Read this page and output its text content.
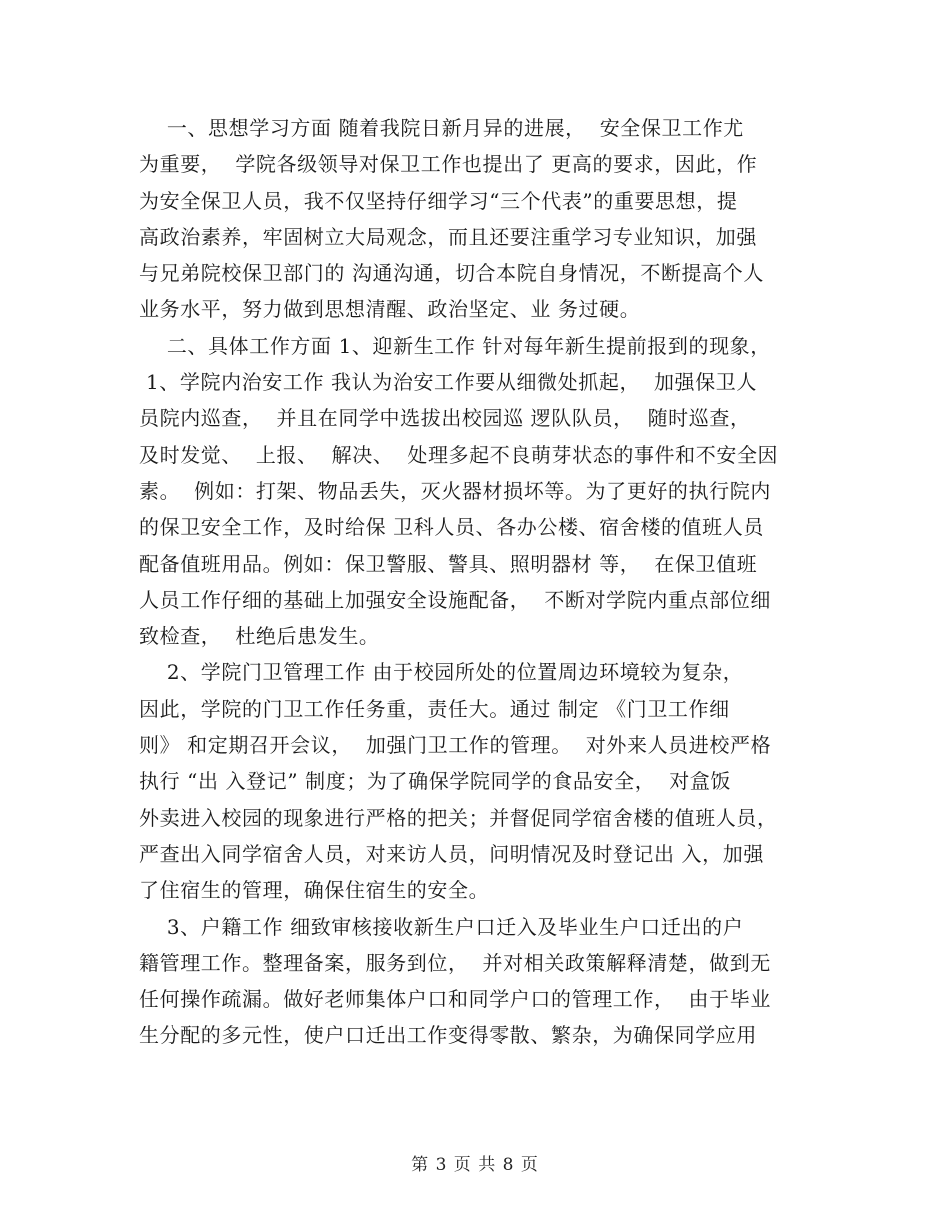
一、思想学习方面 随着我院日新月异的进展，  安全保卫工作尤
为重要，  学院各级领导对保卫工作也提出了 更高的要求，因此，作
为安全保卫人员，我不仅坚持仔细学习“三个代表”的重要思想，提
高政治素养，牢固树立大局观念，而且还要注重学习专业知识，加强
与兄弟院校保卫部门的 沟通沟通，切合本院自身情况，不断提高个人
业务水平，努力做到思想清醒、政治坚定、业 务过硬。
二、具体工作方面 1、迎新生工作 针对每年新生提前报到的现象，
1、学院内治安工作 我认为治安工作要从细微处抓起，  加强保卫人
员院内巡查，  并且在同学中选拔出校园巡 逻队队员，  随时巡查，
及时发觉、  上报、  解决、  处理多起不良萌芽状态的事件和不安全因
素。  例如：打架、物品丢失，灭火器材损坏等。为了更好的执行院内
的保卫安全工作，及时给保 卫科人员、各办公楼、宿舍楼的值班人员
配备值班用品。例如：保卫警服、警具、照明器材 等，  在保卫值班
人员工作仔细的基础上加强安全设施配备，  不断对学院内重点部位细
致检查，  杜绝后患发生。
2、学院门卫管理工作 由于校园所处的位置周边环境较为复杂，
因此，学院的门卫工作任务重，责任大。通过 制定 《门卫工作细
则》 和定期召开会议，  加强门卫工作的管理。  对外来人员进校严格
执行 “出 入登记” 制度；为了确保学院同学的食品安全，  对盒饭
外卖进入校园的现象进行严格的把关；并督促同学宿舍楼的值班人员，
严查出入同学宿舍人员，对来访人员，问明情况及时登记出 入，加强
了住宿生的管理，确保住宿生的安全。
3、户籍工作 细致审核接收新生户口迁入及毕业生户口迁出的户
籍管理工作。整理备案，服务到位，  并对相关政策解释清楚，做到无
任何操作疏漏。做好老师集体户口和同学户口的管理工作，  由于毕业
生分配的多元性，使户口迁出工作变得零散、繁杂，为确保同学应用
第 3 页 共 8 页
